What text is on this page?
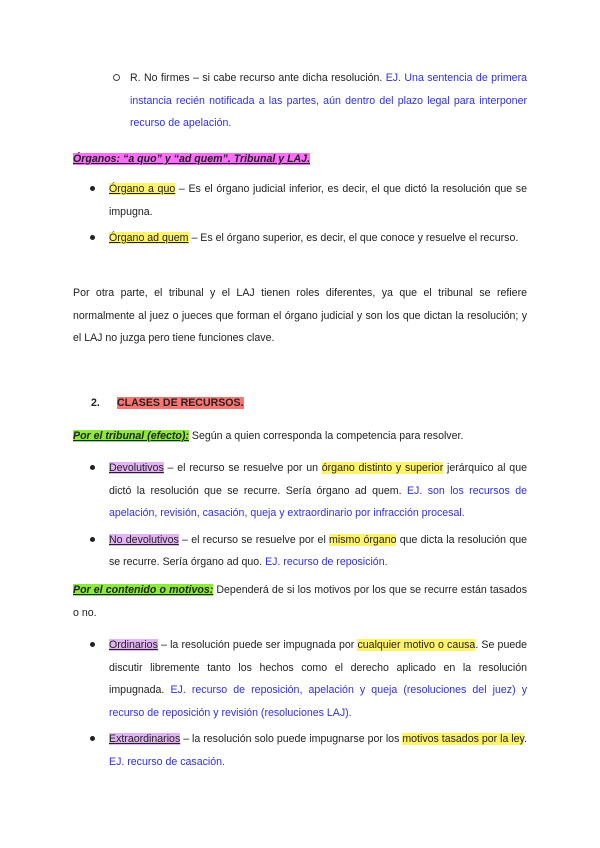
R. No firmes – si cabe recurso ante dicha resolución. EJ. Una sentencia de primera instancia recién notificada a las partes, aún dentro del plazo legal para interponer recurso de apelación.
Órganos: “a quo” y “ad quem”. Tribunal y LAJ.
Órgano a quo – Es el órgano judicial inferior, es decir, el que dictó la resolución que se impugna.
Órgano ad quem – Es el órgano superior, es decir, el que conoce y resuelve el recurso.
Por otra parte, el tribunal y el LAJ tienen roles diferentes, ya que el tribunal se refiere normalmente al juez o jueces que forman el órgano judicial y son los que dictan la resolución; y el LAJ no juzga pero tiene funciones clave.
2. CLASES DE RECURSOS.
Por el tribunal (efecto): Según a quien corresponda la competencia para resolver.
Devolutivos – el recurso se resuelve por un órgano distinto y superior jerárquico al que dictó la resolución que se recurre. Sería órgano ad quem. EJ. son los recursos de apelación, revisión, casación, queja y extraordinario por infracción procesal.
No devolutivos – el recurso se resuelve por el mismo órgano que dicta la resolución que se recurre. Sería órgano ad quo. EJ. recurso de reposición.
Por el contenido o motivos: Dependerá de si los motivos por los que se recurre están tasados o no.
Ordinarios – la resolución puede ser impugnada por cualquier motivo o causa. Se puede discutir libremente tanto los hechos como el derecho aplicado en la resolución impugnada. EJ. recurso de reposición, apelación y queja (resoluciones del juez) y recurso de reposición y revisión (resoluciones LAJ).
Extraordinarios – la resolución solo puede impugnarse por los motivos tasados por la ley. EJ. recurso de casación.
